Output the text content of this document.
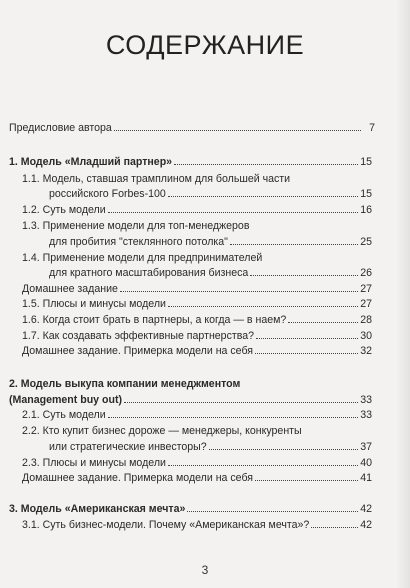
СОДЕРЖАНИЕ
Предисловие автора	7
1. Модель «Младший партнер»	15
1.1. Модель, ставшая трамплином для большей части
российского Forbes-100	15
1.2. Суть модели	16
1.3. Применение модели для топ-менеджеров
для пробития "стеклянного потолка"	25
1.4. Применение модели для предпринимателей
для кратного масштабирования бизнеса	26
Домашнее задание	27
1.5. Плюсы и минусы модели	27
1.6. Когда стоит брать в партнеры, а когда — в наем?	28
1.7. Как создавать эффективные партнерства?	30
Домашнее задание. Примерка модели на себя	32
2. Модель выкупа компании менеджментом
(Management buy out)	33
2.1. Суть модели	33
2.2. Кто купит бизнес дороже — менеджеры, конкуренты
или стратегические инвесторы?	37
2.3. Плюсы и минусы модели	40
Домашнее задание. Примерка модели на себя	41
3. Модель «Американская мечта»	42
3.1. Суть бизнес-модели. Почему «Американская мечта»?	42
3
